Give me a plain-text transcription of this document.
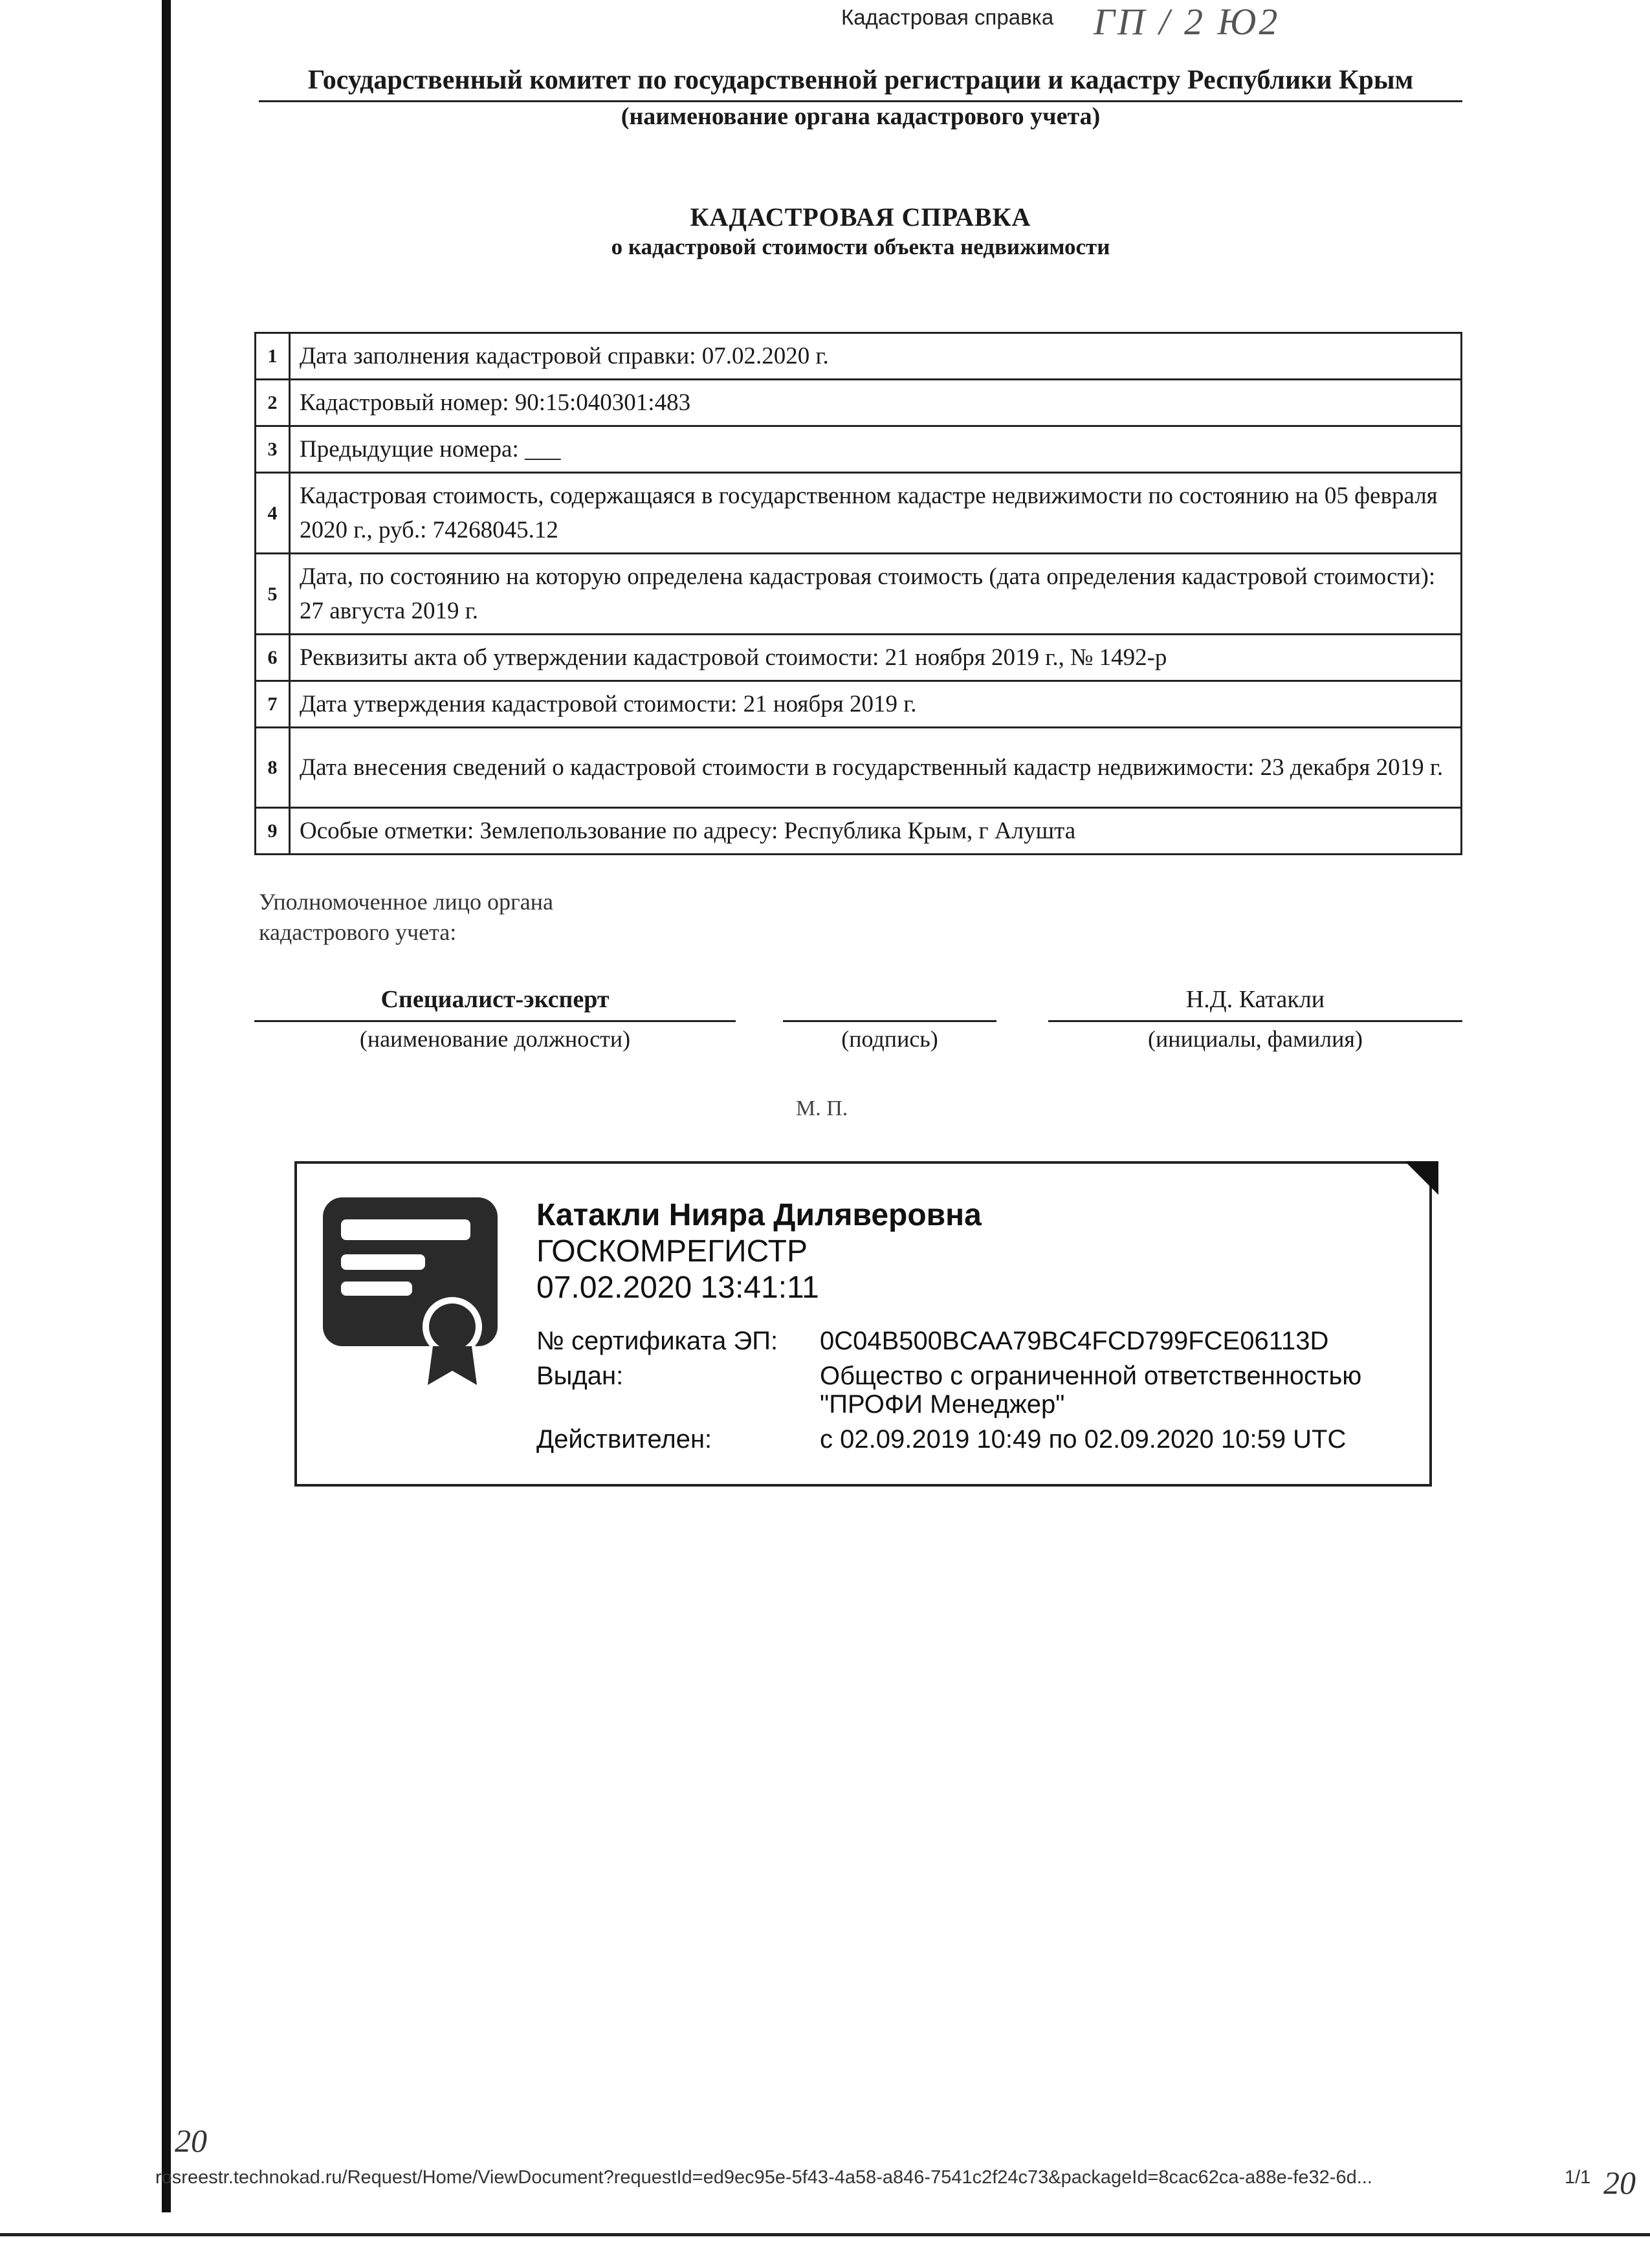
Кадастровая справка ГП / 2 Ю2
Государственный комитет по государственной регистрации и кадастру Республики Крым
(наименование органа кадастрового учета)
КАДАСТРОВАЯ СПРАВКА
о кадастровой стоимости объекта недвижимости
1	Дата заполнения кадастровой справки: 07.02.2020 г.
2	Кадастровый номер: 90:15:040301:483
3	Предыдущие номера: ___
4	Кадастровая стоимость, содержащаяся в государственном кадастре недвижимости по состоянию на 05 февраля 2020 г., руб.: 74268045.12
5	Дата, по состоянию на которую определена кадастровая стоимость (дата определения кадастровой стоимости): 27 августа 2019 г.
6	Реквизиты акта об утверждении кадастровой стоимости: 21 ноября 2019 г., № 1492-р
7	Дата утверждения кадастровой стоимости: 21 ноября 2019 г.
8	Дата внесения сведений о кадастровой стоимости в государственный кадастр недвижимости: 23 декабря 2019 г.
9	Особые отметки: Землепользование по адресу: Республика Крым, г Алушта
Уполномоченное лицо органа
кадастрового учета:
Специалист-эксперт
(наименование должности)	(подпись)
Н.Д. Катакли
(инициалы, фамилия)
М. П.
Катакли Нияра Диляверовна
ГОСКОМРЕГИСТР
07.02.2020 13:41:11
№ сертификата ЭП: 0C04B500BCAA79BC4FCD799FCE06113D
Выдан:	Общество с ограниченной ответственностью
"ПРОФИ Менеджер"
Действителен:	с 02.09.2019 10:49 по 02.09.2020 10:59 UTC
20
rosreestr.technokad.ru/Request/Home/ViewDocument?requestId=ed9ec95e-5f43-4a58-a846-7541c2f24c73&packageId=8cac62ca-a88e-fe32-6d...	1/1 20
